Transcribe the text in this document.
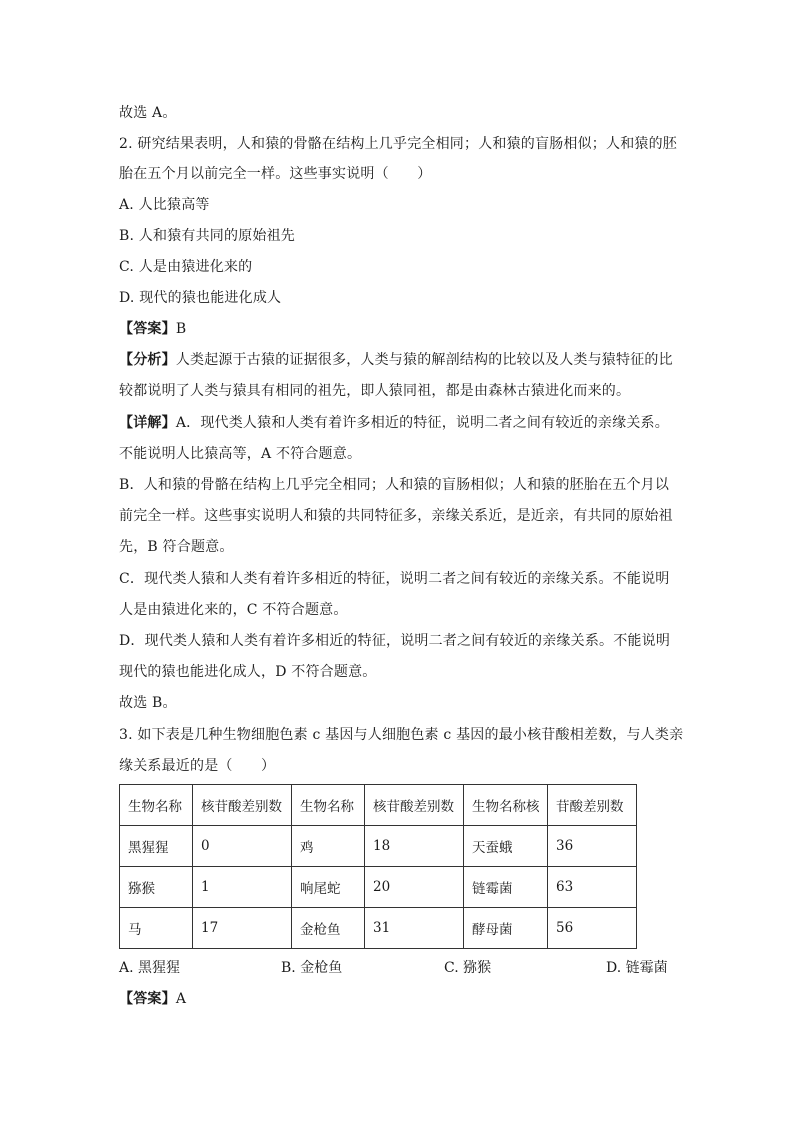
故选 A。
2. 研究结果表明，人和猿的骨骼在结构上几乎完全相同；人和猿的盲肠相似；人和猿的胚
胎在五个月以前完全一样。这些事实说明（　　）
A. 人比猿高等
B. 人和猿有共同的原始祖先
C. 人是由猿进化来的
D. 现代的猿也能进化成人
【答案】B
【分析】人类起源于古猿的证据很多，人类与猿的解剖结构的比较以及人类与猿特征的比
较都说明了人类与猿具有相同的祖先，即人猿同祖，都是由森林古猿进化而来的。
【详解】A．现代类人猿和人类有着许多相近的特征，说明二者之间有较近的亲缘关系。
不能说明人比猿高等，A 不符合题意。
B．人和猿的骨骼在结构上几乎完全相同；人和猿的盲肠相似；人和猿的胚胎在五个月以
前完全一样。这些事实说明人和猿的共同特征多，亲缘关系近，是近亲，有共同的原始祖
先，B 符合题意。
C．现代类人猿和人类有着许多相近的特征，说明二者之间有较近的亲缘关系。不能说明
人是由猿进化来的，C 不符合题意。
D．现代类人猿和人类有着许多相近的特征，说明二者之间有较近的亲缘关系。不能说明
现代的猿也能进化成人，D 不符合题意。
故选 B。
3. 如下表是几种生物细胞色素 c 基因与人细胞色素 c 基因的最小核苷酸相差数，与人类亲
缘关系最近的是（　　）
生物名称	核苷酸差别数	生物名称	核苷酸差别数	生物名称核	苷酸差别数
黑猩猩	0	鸡	18	天蚕蛾	36
猕猴	1	响尾蛇	20	链霉菌	63
马	17	金枪鱼	31	酵母菌	56
A. 黑猩猩	B. 金枪鱼	C. 猕猴	D. 链霉菌
【答案】A
